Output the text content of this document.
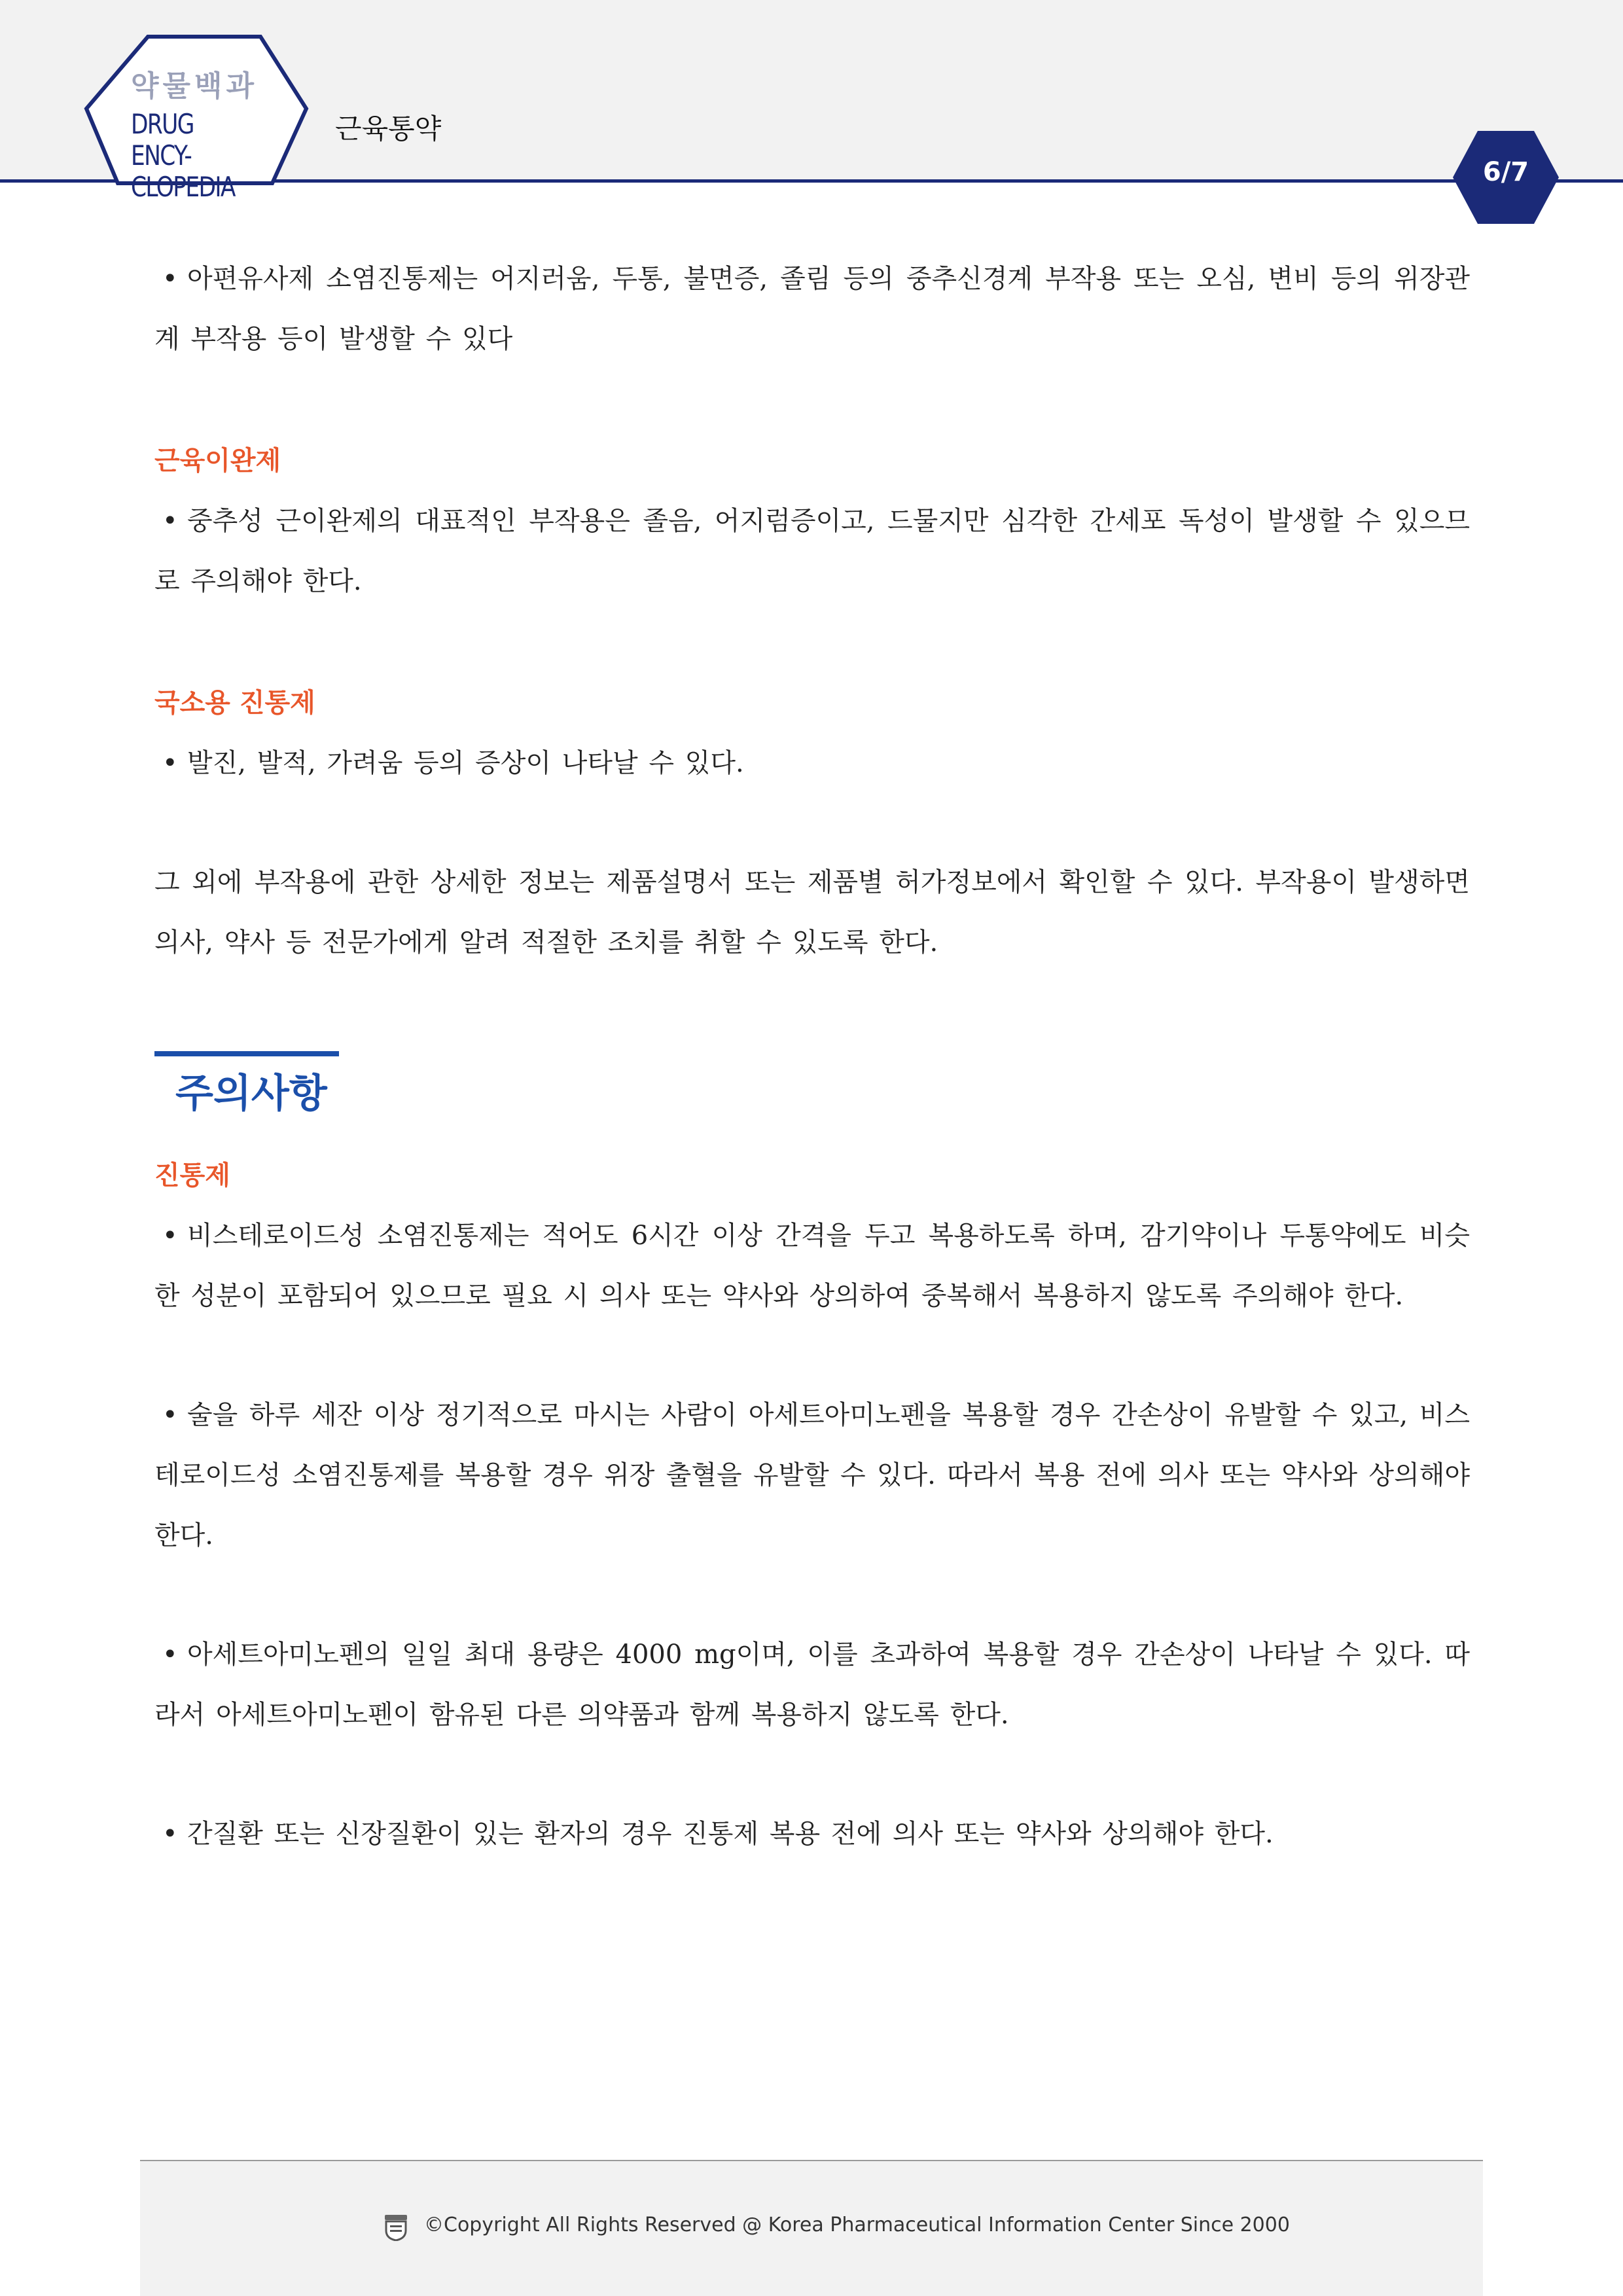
약물백과
DRUG ENCY-
CLOPEDIA
근육통약
6/7

• 아편유사제 소염진통제는 어지러움, 두통, 불면증, 졸림 등의 중추신경계 부작용 또는 오심, 변비 등의 위장관계 부작용 등이 발생할 수 있다

근육이완제

• 중추성 근이완제의 대표적인 부작용은 졸음, 어지럼증이고, 드물지만 심각한 간세포 독성이 발생할 수 있으므로 주의해야 한다.

국소용 진통제

• 발진, 발적, 가려움 등의 증상이 나타날 수 있다.

그 외에 부작용에 관한 상세한 정보는 제품설명서 또는 제품별 허가정보에서 확인할 수 있다. 부작용이 발생하면 의사, 약사 등 전문가에게 알려 적절한 조치를 취할 수 있도록 한다.

주의사항
진통제

• 비스테로이드성 소염진통제는 적어도 6시간 이상 간격을 두고 복용하도록 하며, 감기약이나 두통약에도 비슷한 성분이 포함되어 있으므로 필요 시 의사 또는 약사와 상의하여 중복해서 복용하지 않도록 주의해야 한다.

• 술을 하루 세잔 이상 정기적으로 마시는 사람이 아세트아미노펜을 복용할 경우 간손상이 유발할 수 있고, 비스테로이드성 소염진통제를 복용할 경우 위장 출혈을 유발할 수 있다. 따라서 복용 전에 의사 또는 약사와 상의해야 한다.

• 아세트아미노펜의 일일 최대 용량은 4000 mg이며, 이를 초과하여 복용할 경우 간손상이 나타날 수 있다. 따라서 아세트아미노펜이 함유된 다른 의약품과 함께 복용하지 않도록 한다.

• 간질환 또는 신장질환이 있는 환자의 경우 진통제 복용 전에 의사 또는 약사와 상의해야 한다.

©Copyright All Rights Reserved @ Korea Pharmaceutical Information Center Since 2000
